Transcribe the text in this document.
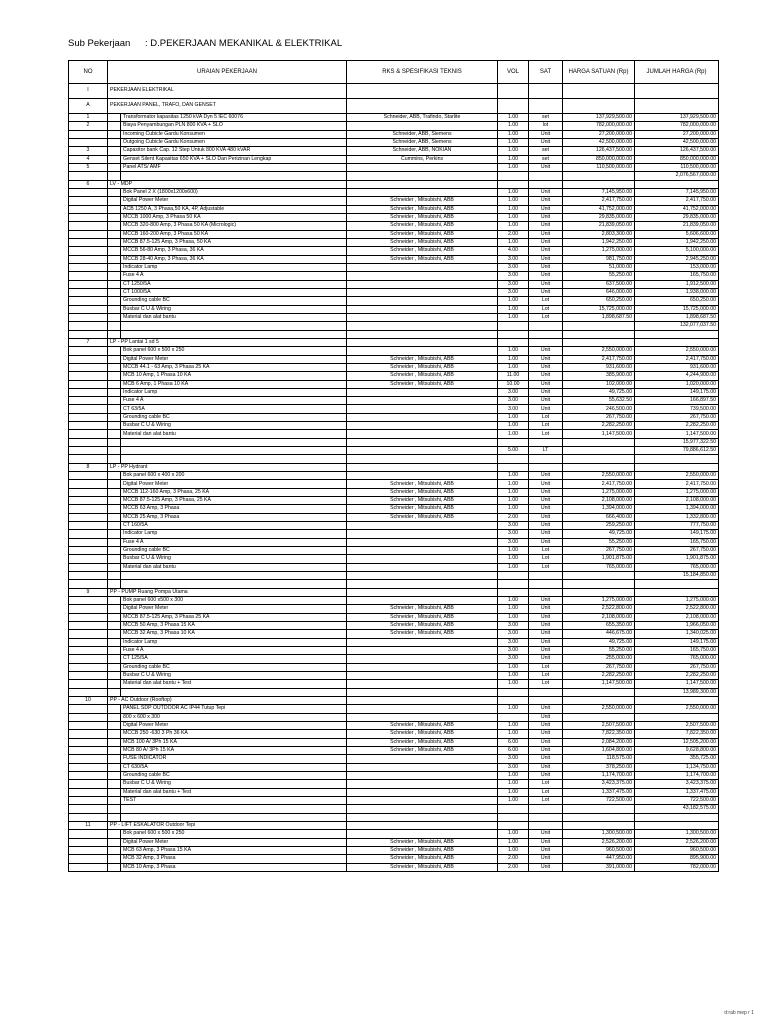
Sub Pekerjaan : D.PEKERJAAN MEKANIKAL & ELEKTRIKAL
NO	URAIAN PEKERJAAN		RKS & SPESIFIKASI TEKNIS	VOL	SAT	HARGA SATUAN (Rp)	JUMLAH HARGA (Rp)
I	PEKERJAAN ELEKTRIKAL						
A	PEKERJAAN PANEL, TRAFO, DAN GENSET						
1		Transformator kapasitas 1250 kVA Dyn 5 IEC 60076	Schneider, ABB, Trafindo, Starlite	1.00	set	137,929,500.00	137,929,500.00
2		Biaya Penyambungan PLN 800 KVA + SLO		1.00	lot	782,000,000.00	782,000,000.00
		Incoming Cubicle Gardu Konsumen	Schneider, ABB, Siemens	1.00	Unit	27,200,000.00	27,200,000.00
		Outgoing Cubicle Gardu Konsumen	Schneider, ABB, Siemens	1.00	Unit	42,500,000.00	42,500,000.00
3		Capasitor bank Cap. 12 Step Untuk 800 KVA 480 kVAR	Schneider, ABB, NOKIAN	1.00	set	126,437,500.00	126,437,500.00
4		Genset Silent Kapasitas 650 KVA + SLO Dan Perizinan Lengkap	Cummins, Perkins	1.00	set	850,000,000.00	850,000,000.00
5		Panel ATS/ AMF		1.00	Unit	110,500,000.00	110,500,000.00
							2,076,567,000.00
6	LV - MDP						
		Bok Panel 2 X (1800x1200x600)		1.00	Unit	7,145,950.00	7,145,950.00
		Digital Power Meter	Schneider , Mitsubishi, ABB	1.00	Unit	2,417,750.00	2,417,750.00
		ACB 1250 A, 3 Phasa,50 KA, 4P, Adjustable	Schneider , Mitsubishi, ABB	1.00	Unit	41,752,000.00	41,752,000.00
		MCCB 1000 Amp, 3 Phasa 50 KA	Schneider , Mitsubishi, ABB	1.00	Unit	29,835,000.00	29,835,000.00
		MCCB 320-800 Amp, 3 Phasa 50 KA (Micrologic)	Schneider , Mitsubishi, ABB	1.00	Unit	21,839,050.00	21,839,050.00
		MCCB 160-200 Amp, 3 Phasa 50 KA	Schneider , Mitsubishi, ABB	2.00	Unit	2,803,300.00	5,606,600.00
		MCCB 87.5-125 Amp, 3 Phasa, 50 KA	Schneider , Mitsubishi, ABB	1.00	Unit	1,942,250.00	1,942,250.00
		MCCB 56-80 Amp, 3 Phasa, 36 KA	Schneider , Mitsubishi, ABB	4.00	Unit	1,275,000.00	5,100,000.00
		MCCB 28-40 Amp, 3 Phasa, 36 KA	Schneider , Mitsubishi, ABB	3.00	Unit	981,750.00	2,945,250.00
		Indicator Lamp		3.00	Unit	51,000.00	153,000.00
		Fuse 4 A		3.00	Unit	55,250.00	165,750.00
		CT 1250/5A		3.00	Unit	637,500.00	1,912,500.00
		CT 1000/5A		3.00	Unit	646,000.00	1,938,000.00
		Grounding cable BC		1.00	Lot	650,250.00	650,250.00
		Busbar C U & Wiring		1.00	Lot	15,725,000.00	15,725,000.00
		Material dan alat bantu		1.00	Lot	1,898,687.50	1,898,687.50
							132,077,037.50

7	LP - PP Lantai 1 sd 5						
		Bok panel 600 x 500 x 250		1.00	Unit	2,550,000.00	2,550,000.00
		Digital Power Meter	Schneider , Mitsubishi, ABB	1.00	Unit	2,417,750.00	2,417,750.00
		MCCB 44.1 - 63 Amp, 3 Phasa 25 KA	Schneider , Mitsubishi, ABB	1.00	Unit	931,600.00	931,600.00
		MCB 10 Amp, 1 Phasa 10 KA	Schneider , Mitsubishi, ABB	11.00	Unit	385,900.00	4,244,900.00
		MCB 6 Amp, 1 Phasa 10 KA	Schneider , Mitsubishi, ABB	10.00	Unit	102,000.00	1,020,000.00
		Indicator Lamp		3.00	Unit	49,725.00	149,175.00
		Fuse 4 A		3.00	Unit	55,632.50	166,897.50
		CT 63/5A		3.00	Unit	246,500.00	739,500.00
		Grounding cable BC		1.00	Lot	267,750.00	267,750.00
		Busbar C U & Wiring		1.00	Lot	2,282,250.00	2,282,250.00
		Material dan alat bantu		1.00	Lot	1,147,500.00	1,147,500.00
							15,977,322.50
				5.00	LT		79,886,612.50

8	LP - PP Hydrant						
		Bok panel 600 x 400 x 200		1.00	Unit	2,550,000.00	2,550,000.00
		Digital Power Meter	Schneider , Mitsubishi, ABB	1.00	Unit	2,417,750.00	2,417,750.00
		MCCB 112-160 Amp, 3 Phasa, 25 KA	Schneider , Mitsubishi, ABB	1.00	Unit	1,275,000.00	1,275,000.00
		MCCB 87.5-125 Amp, 3 Phasa, 25 KA	Schneider , Mitsubishi, ABB	1.00	Unit	2,108,000.00	2,108,000.00
		MCCB 63 Amp, 3 Phasa	Schneider , Mitsubishi, ABB	1.00	Unit	1,394,000.00	1,394,000.00
		MCCB 25 Amp, 3 Phasa	Schneider , Mitsubishi, ABB	2.00	Unit	666,400.00	1,332,800.00
		CT 160/5A		3.00	Unit	259,250.00	777,750.00
		Indicator Lamp		3.00	Unit	49,725.00	149,175.00
		Fuse 4 A		3.00	Unit	55,250.00	165,750.00
		Grounding cable BC		1.00	Lot	267,750.00	267,750.00
		Busbar C U & Wiring		1.00	Lot	1,901,875.00	1,901,875.00
		Material dan alat bantu		1.00	Lot	765,000.00	765,000.00
							15,184,850.00

9	PP - PUMP Ruang Pompa Utama						
		Bok panel 600 x500 x 300		1.00	Unit	1,275,000.00	1,275,000.00
		Digital Power Meter	Schneider , Mitsubishi, ABB	1.00	Unit	2,522,800.00	2,522,800.00
		MCCB 87.5-125 Amp, 3 Phasa 25 KA	Schneider , Mitsubishi, ABB	1.00	Unit	2,108,000.00	2,108,000.00
		MCCB 50 Amp, 3 Phasa 15 KA	Schneider , Mitsubishi, ABB	3.00	Unit	655,350.00	1,966,050.00
		MCCB 32 Amp, 3 Phasa 10 KA	Schneider , Mitsubishi, ABB	3.00	Unit	446,675.00	1,340,025.00
		Indicator Lamp		3.00	Unit	49,725.00	149,175.00
		Fuse 4 A		3.00	Unit	55,250.00	165,750.00
		CT 125/5A		3.00	Unit	255,000.00	765,000.00
		Grounding cable BC		1.00	Lot	267,750.00	267,750.00
		Busbar C U & Wiring		1.00	Lot	2,282,250.00	2,282,250.00
		Material dan alat bantu + Test		1.00	Lot	1,147,500.00	1,147,500.00
							13,989,300.00
10	PP - AC Outdoor (Rooftop)						
		PANEL SDP OUTDOOR AC IP44 Tutup Tepi		1.00	Unit	2,550,000.00	2,550,000.00
		800 x 600 x 300			Unit		
		Digital Power Meter	Schneider , Mitsubishi, ABB	1.00	Unit	2,507,500.00	2,507,500.00
		MCCB 250 -630 3 Ph 36 KA	Schneider , Mitsubishi, ABB	1.00	Unit	7,822,350.00	7,822,350.00
		MCB 100 A/ 3Ph 15 KA	Schneider , Mitsubishi, ABB	6.00	Unit	2,084,200.00	12,505,200.00
		MCB 80 A/ 3Ph 15 KA	Schneider , Mitsubishi, ABB	6.00	Unit	1,604,800.00	9,628,800.00
		FUSE INDICATOR		3.00	Unit	118,575.00	355,725.00
		CT 630/5A		3.00	Unit	378,250.00	1,134,750.00
		Grounding cable BC		1.00	Unit	1,174,700.00	1,174,700.00
		Busbar C U & Wiring		1.00	Lot	3,423,375.00	3,423,375.00
		Material dan alat bantu + Test		1.00	Lot	1,337,475.00	1,337,475.00
		TEST		1.00	Lot	722,500.00	722,500.00
							43,182,575.00

11	PP - LIFT ESKALATOR Outdoor Tepi						
		Bok panel 600 x 500 x 250		1.00	Unit	1,300,500.00	1,300,500.00
		Digital Power Meter	Schneider , Mitsubishi, ABB	1.00	Unit	2,526,200.00	2,526,200.00
		MCB 63 Amp, 3 Phasa 15 KA	Schneider , Mitsubishi, ABB	1.00	Unit	960,500.00	960,500.00
		MCB 32 Amp, 3 Phasa	Schneider , Mitsubishi, ABB	2.00	Unit	447,950.00	895,900.00
		MCB 10 Amp, 3 Phasa	Schneider , Mitsubishi, ABB	2.00	Unit	391,000.00	782,000.00
d:rab mep r 1
